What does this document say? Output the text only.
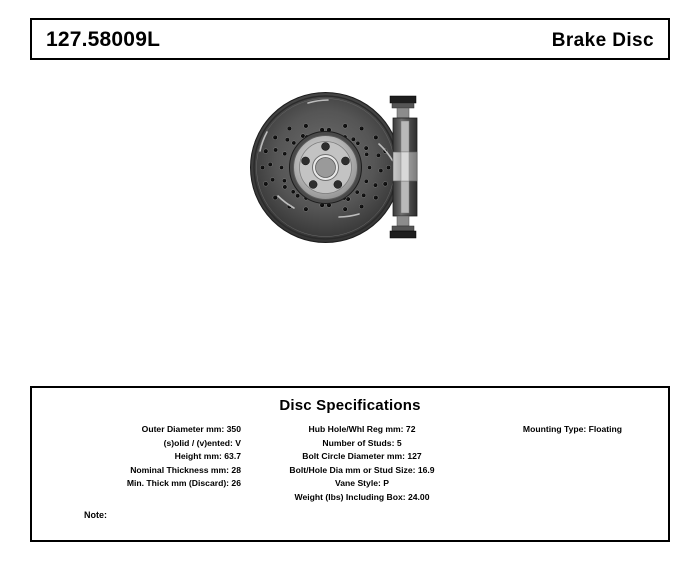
127.58009L	Brake Disc
Disc Specifications
Outer Diameter mm: 350
(s)olid / (v)ented: V
Height mm: 63.7
Nominal Thickness mm: 28
Min. Thick mm (Discard): 26
Hub Hole/Whl Reg mm: 72
Number of Studs: 5
Bolt Circle Diameter mm: 127
Bolt/Hole Dia mm or Stud Size: 16.9
Vane Style: P
Weight (lbs) Including Box: 24.00
Mounting Type: Floating
Note:
